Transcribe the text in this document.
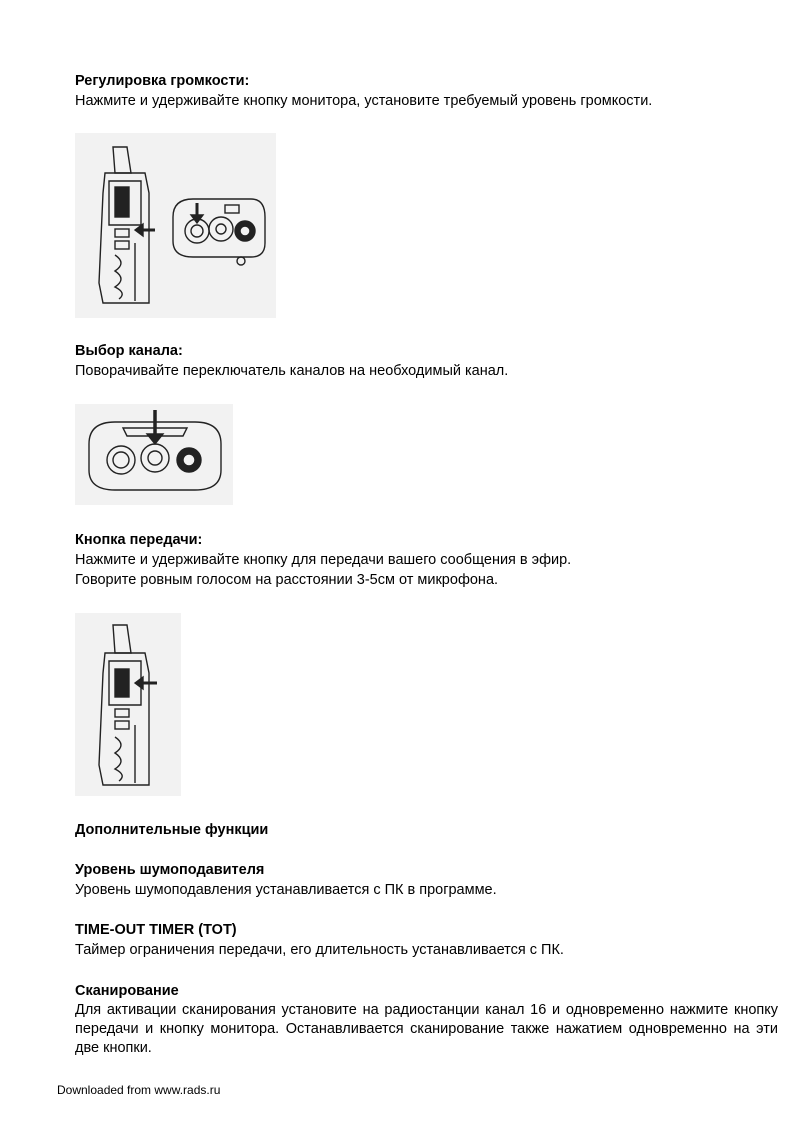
Регулировка громкости:
Нажмите и удерживайте кнопку монитора, установите требуемый уровень громкости.
Выбор канала:
Поворачивайте переключатель каналов на необходимый канал.
Кнопка передачи:
Нажмите и удерживайте кнопку для передачи вашего сообщения в эфир.
Говорите ровным голосом на расстоянии 3-5см от микрофона.
Дополнительные функции
Уровень шумоподавителя
Уровень шумоподавления устанавливается с ПК в программе.
TIME-OUT TIMER (TOT)
Таймер ограничения передачи, его длительность устанавливается с ПК.
Сканирование
Для активации сканирования установите на радиостанции канал 16 и одновременно нажмите кнопку передачи и кнопку монитора. Останавливается сканирование также нажатием одновременно на эти две кнопки.
Downloaded from www.rads.ru
